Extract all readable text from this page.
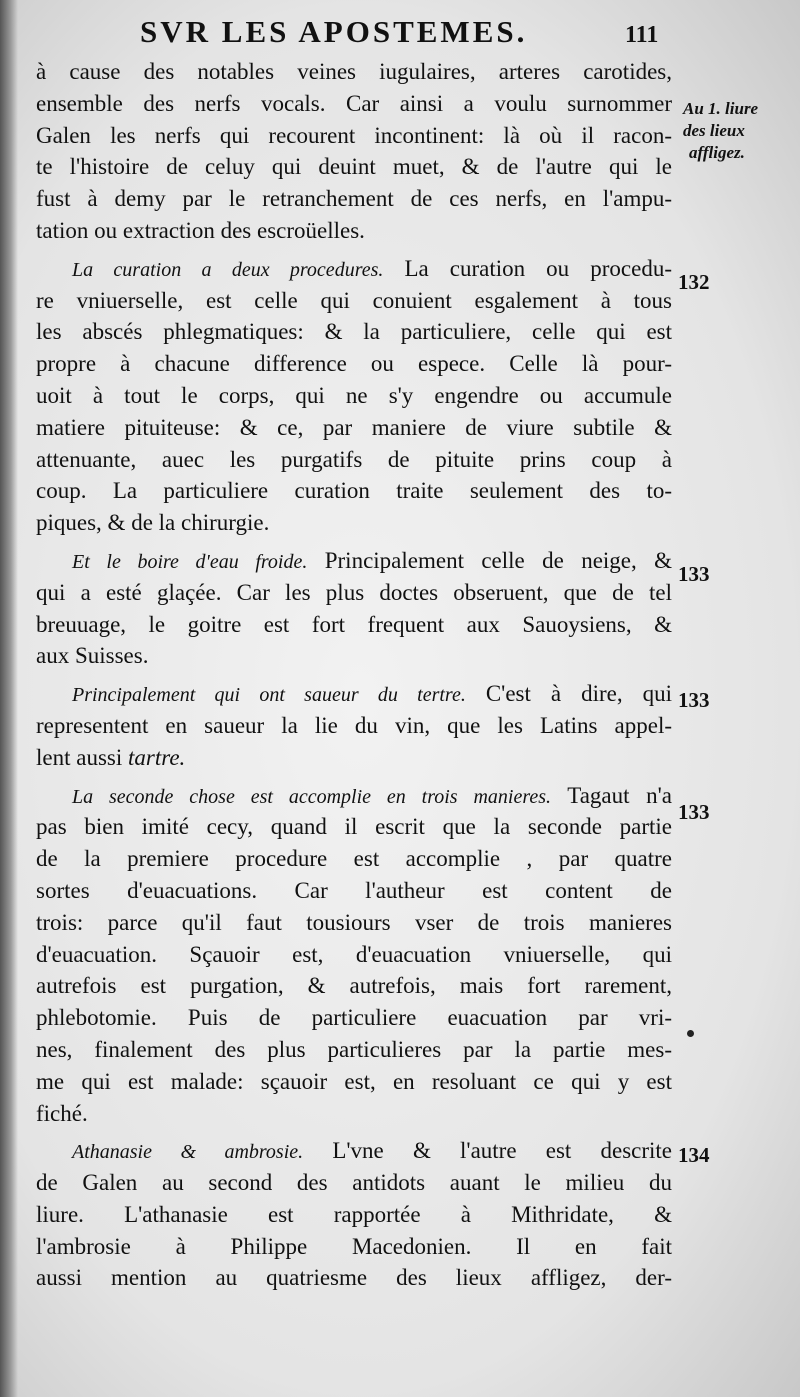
SVR LES APOSTEMES.	111
Au 1. liure
des lieux
affligez.
132
133
133
133
134
à cause des notables veines iugulaires, arteres carotides,
ensemble des nerfs vocals. Car ainsi a voulu surnommer
Galen les nerfs qui recourent incontinent: là où il racon-
te l'histoire de celuy qui deuint muet, & de l'autre qui le
fust à demy par le retranchement de ces nerfs, en l'ampu-
tation ou extraction des escroüelles.
La curation a deux procedures. La curation ou procedu-
re vniuerselle, est celle qui conuient esgalement à tous
les abscés phlegmatiques: & la particuliere, celle qui est
propre à chacune difference ou espece. Celle là pour-
uoit à tout le corps, qui ne s'y engendre ou accumule
matiere pituiteuse: & ce, par maniere de viure subtile &
attenuante, auec les purgatifs de pituite prins coup à
coup. La particuliere curation traite seulement des to-
piques, & de la chirurgie.
Et le boire d'eau froide. Principalement celle de neige, &
qui a esté glaçée. Car les plus doctes obseruent, que de tel
breuuage, le goitre est fort frequent aux Sauoysiens, &
aux Suisses.
Principalement qui ont saueur du tertre. C'est à dire, qui
representent en saueur la lie du vin, que les Latins appel-
lent aussi tartre.
La seconde chose est accomplie en trois manieres. Tagaut n'a
pas bien imité cecy, quand il escrit que la seconde partie
de la premiere procedure est accomplie , par quatre
sortes d'euacuations. Car l'autheur est content de
trois: parce qu'il faut tousiours vser de trois manieres
d'euacuation. Sçauoir est, d'euacuation vniuerselle, qui
autrefois est purgation, & autrefois, mais fort rarement,
phlebotomie. Puis de particuliere euacuation par vri-
nes, finalement des plus particulieres par la partie mes-
me qui est malade: sçauoir est, en resoluant ce qui y est
fiché.
Athanasie & ambrosie. L'vne & l'autre est descrite
de Galen au second des antidots auant le milieu du
liure. L'athanasie est rapportée à Mithridate, &
l'ambrosie à Philippe Macedonien. Il en fait
aussi mention au quatriesme des lieux affligez, der-
